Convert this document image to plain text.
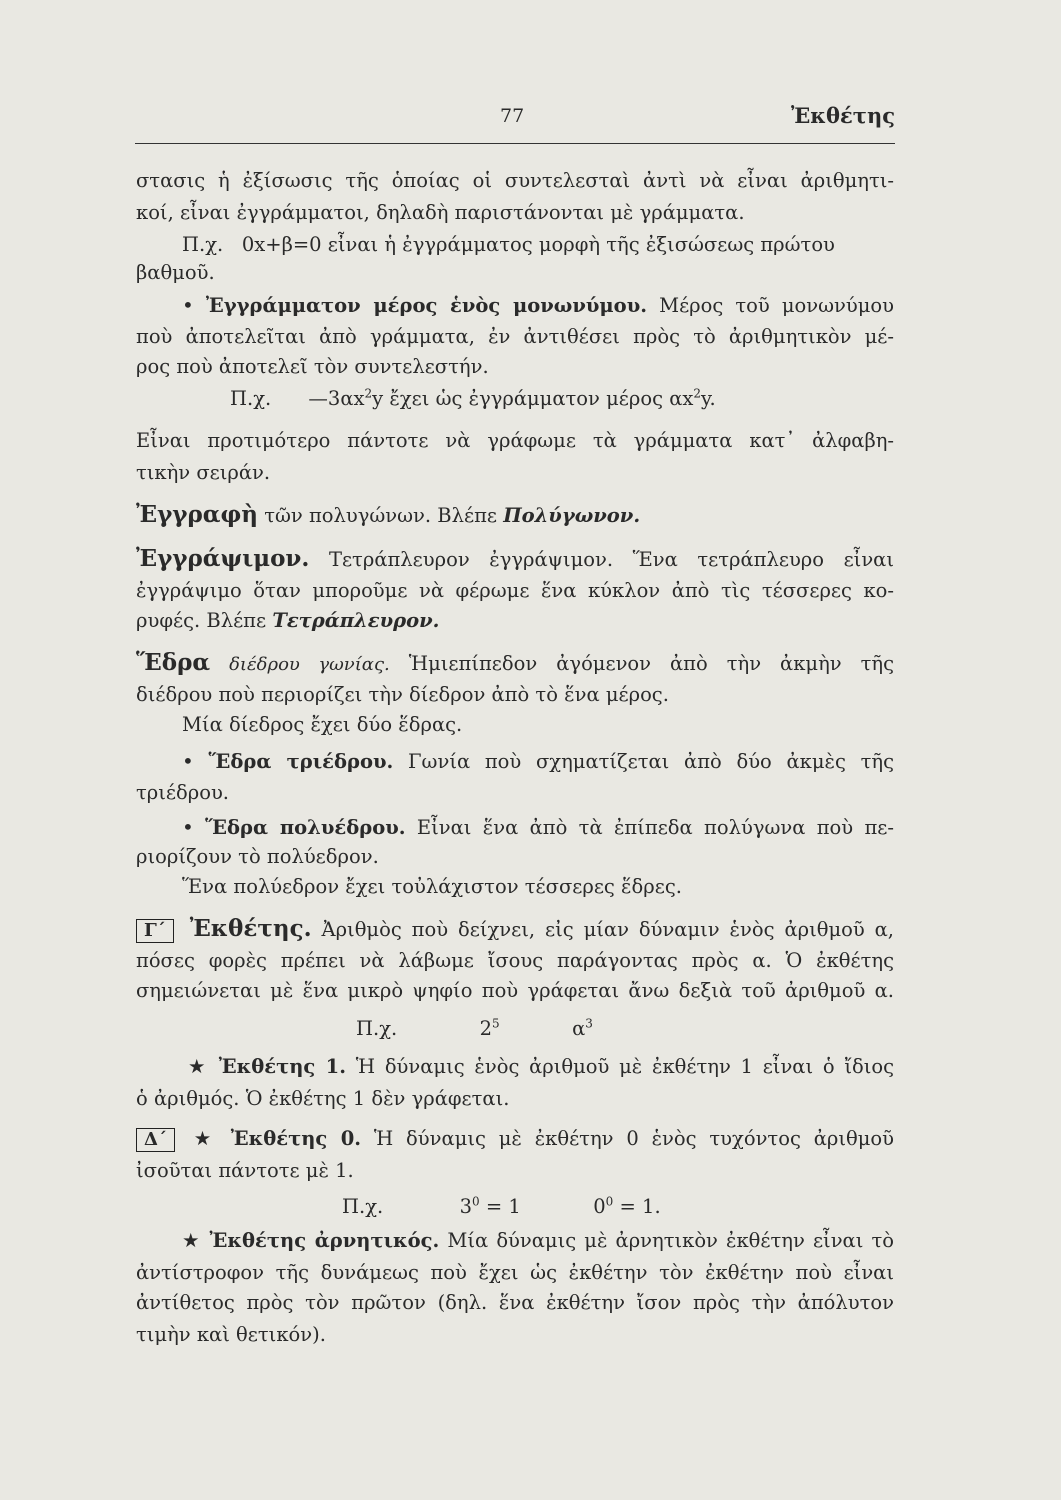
77	Ἐκθέτης
στασις ἡ ἐξίσωσις τῆς ὁποίας οἱ συντελεσταὶ ἀντὶ νὰ εἶναι ἀριθμητι-
κοί, εἶναι ἐγγράμματοι, δηλαδὴ παριστάνονται μὲ γράμματα.
Π.χ. 0x+β=0 εἶναι ἡ ἐγγράμματος μορφὴ τῆς ἐξισώσεως πρώτου
βαθμοῦ.
• Ἐγγράμματον μέρος ἑνὸς μονωνύμου. Μέρος τοῦ μονωνύμου
ποὺ ἀποτελεῖται ἀπὸ γράμματα, ἐν ἀντιθέσει πρὸς τὸ ἀριθμητικὸν μέ-
ρος ποὺ ἀποτελεῖ τὸν συντελεστήν.
Π.χ. $—3\alpha x^2y$ ἔχει ὡς ἐγγράμματον μέρος $\alpha x^2y$.
Εἶναι προτιμότερο πάντοτε νὰ γράφωμε τὰ γράμματα κατ᾽ ἀλφαβη-
τικὴν σειράν.
Ἐγγραφὴ τῶν πολυγώνων. Βλέπε Πολύγωνον.
Ἐγγράψιμον. Τετράπλευρον ἐγγράψιμον. Ἕνα τετράπλευρο εἶναι
ἐγγράψιμο ὅταν μποροῦμε νὰ φέρωμε ἕνα κύκλον ἀπὸ τὶς τέσσερες κο-
ρυφές. Βλέπε Τετράπλευρον.
Ἕδρα διέδρου γωνίας. Ἡμιεπίπεδον ἀγόμενον ἀπὸ τὴν ἀκμὴν τῆς
διέδρου ποὺ περιορίζει τὴν δίεδρον ἀπὸ τὸ ἕνα μέρος.
Μία δίεδρος ἔχει δύο ἕδρας.
• Ἕδρα τριέδρου. Γωνία ποὺ σχηματίζεται ἀπὸ δύο ἀκμὲς τῆς
τριέδρου.
• Ἕδρα πολυέδρου. Εἶναι ἕνα ἀπὸ τὰ ἐπίπεδα πολύγωνα ποὺ πε-
ριορίζουν τὸ πολύεδρον.
Ἕνα πολύεδρον ἔχει τοὐλάχιστον τέσσερες ἕδρες.
Γ΄ Ἐκθέτης. Ἀριθμὸς ποὺ δείχνει, εἰς μίαν δύναμιν ἑνὸς ἀριθμοῦ α,
πόσες φορὲς πρέπει νὰ λάβωμε ἴσους παράγοντας πρὸς α. Ὁ ἐκθέτης
σημειώνεται μὲ ἕνα μικρὸ ψηφίο ποὺ γράφεται ἄνω δεξιὰ τοῦ ἀριθμοῦ α.
Π.χ.	$2^5$	$\alpha^3$
★ Ἐκθέτης 1. Ἡ δύναμις ἑνὸς ἀριθμοῦ μὲ ἐκθέτην 1 εἶναι ὁ ἴδιος
ὁ ἀριθμός. Ὁ ἐκθέτης 1 δὲν γράφεται.
Δ΄ ★ Ἐκθέτης 0. Ἡ δύναμις μὲ ἐκθέτην 0 ἑνὸς τυχόντος ἀριθμοῦ
ἰσοῦται πάντοτε μὲ 1.
Π.χ.	$3^0 = 1$	$0^0 = 1$.
★ Ἐκθέτης ἀρνητικός. Μία δύναμις μὲ ἀρνητικὸν ἐκθέτην εἶναι τὸ
ἀντίστροφον τῆς δυνάμεως ποὺ ἔχει ὡς ἐκθέτην τὸν ἐκθέτην ποὺ εἶναι
ἀντίθετος πρὸς τὸν πρῶτον (δηλ. ἕνα ἐκθέτην ἴσον πρὸς τὴν ἀπόλυτον
τιμὴν καὶ θετικόν).
